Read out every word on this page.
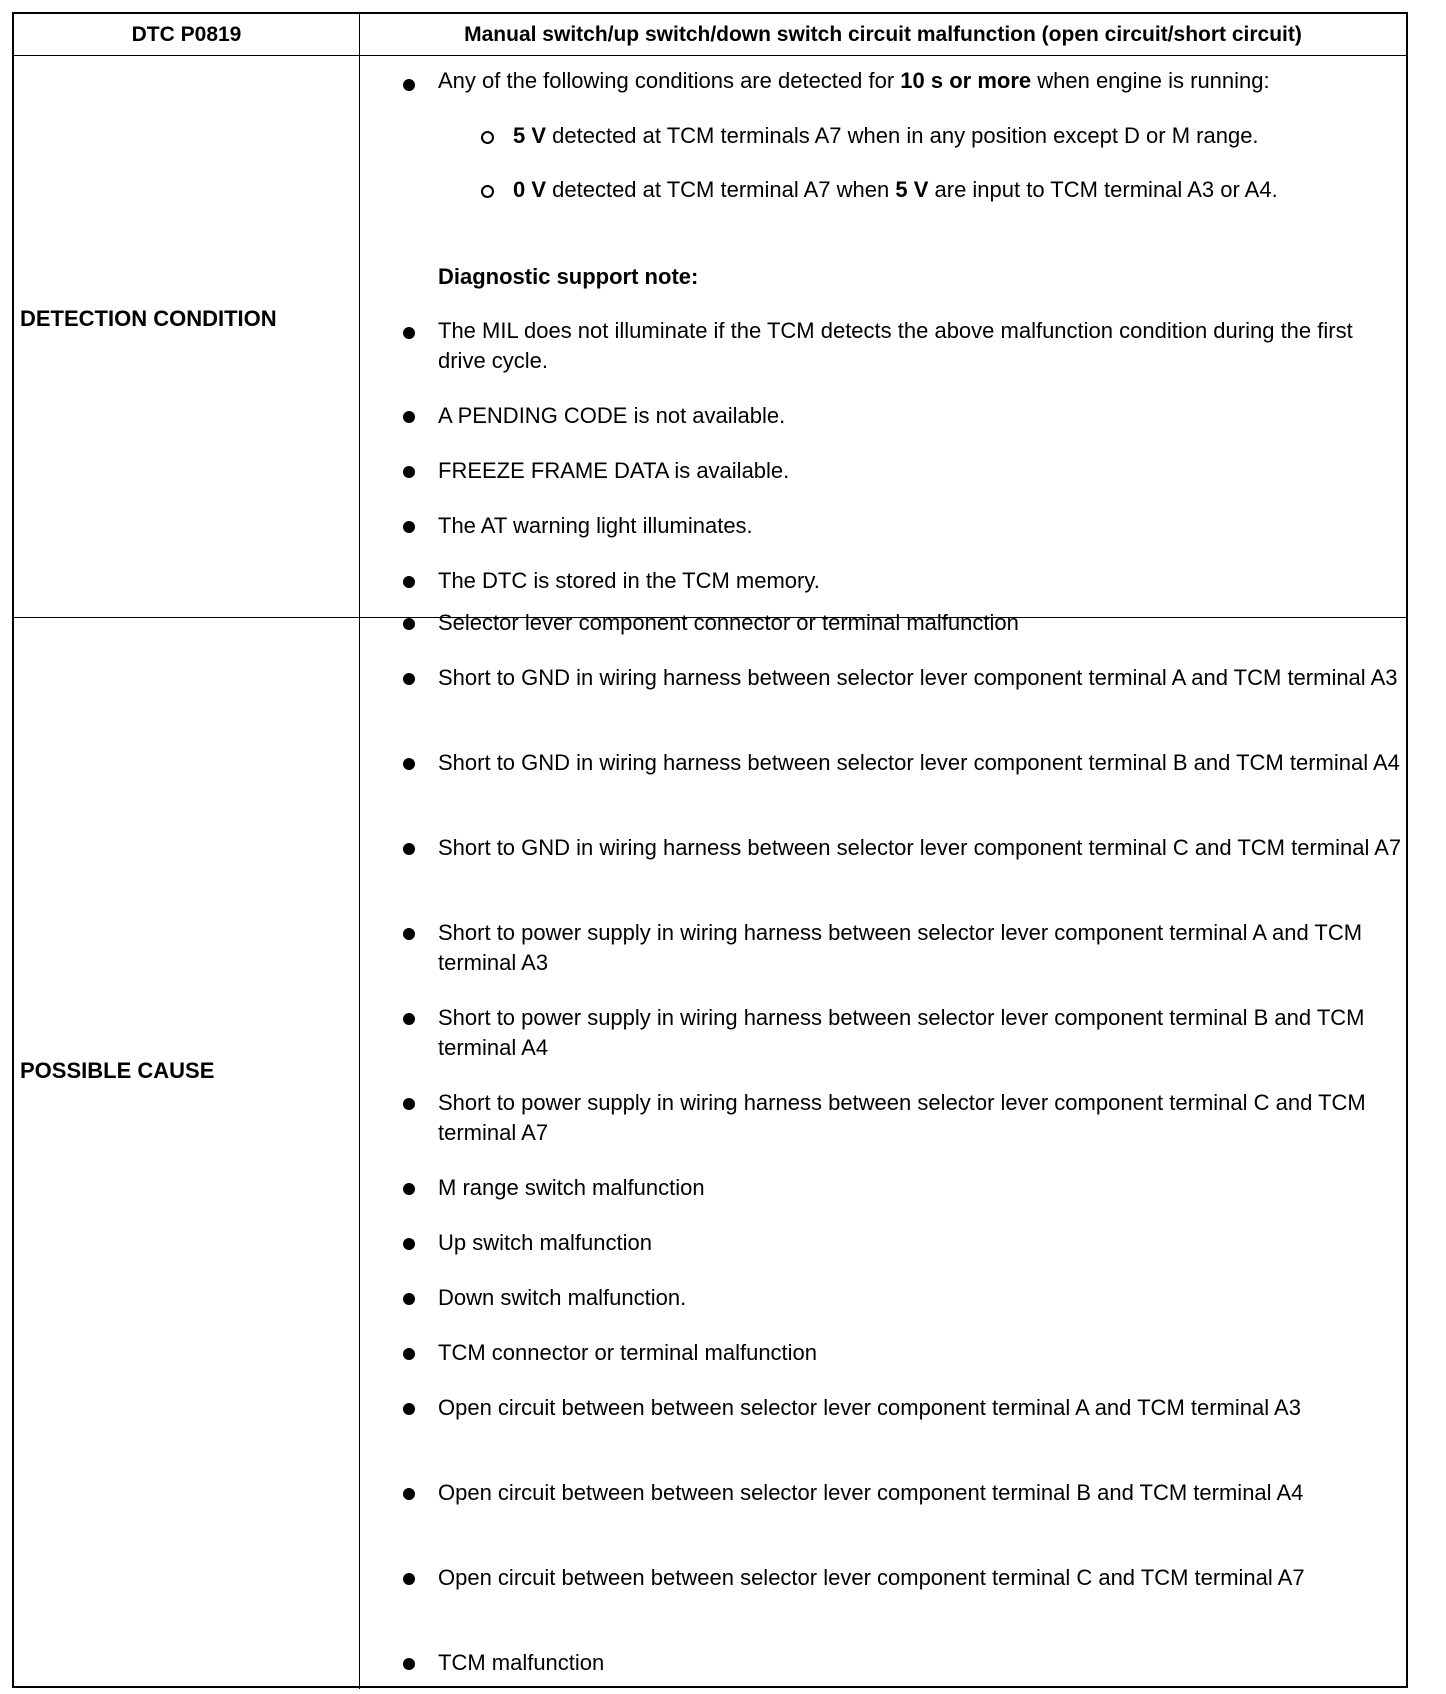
DTC P0819	Manual switch/up switch/down switch circuit malfunction (open circuit/short circuit)
DETECTION CONDITION
POSSIBLE CAUSE
Any of the following conditions are detected for 10 s or more when engine is running:
5 V detected at TCM terminals A7 when in any position except D or M range.
0 V detected at TCM terminal A7 when 5 V are input to TCM terminal A3 or A4.
Diagnostic support note:
The MIL does not illuminate if the TCM detects the above malfunction condition during the first drive cycle.
A PENDING CODE is not available.
FREEZE FRAME DATA is available.
The AT warning light illuminates.
The DTC is stored in the TCM memory.
Selector lever component connector or terminal malfunction
Short to GND in wiring harness between selector lever component terminal A and TCM terminal A3
Short to GND in wiring harness between selector lever component terminal B and TCM terminal A4
Short to GND in wiring harness between selector lever component terminal C and TCM terminal A7
Short to power supply in wiring harness between selector lever component terminal A and TCM terminal A3
Short to power supply in wiring harness between selector lever component terminal B and TCM terminal A4
Short to power supply in wiring harness between selector lever component terminal C and TCM terminal A7
M range switch malfunction
Up switch malfunction
Down switch malfunction.
TCM connector or terminal malfunction
Open circuit between between selector lever component terminal A and TCM terminal A3
Open circuit between between selector lever component terminal B and TCM terminal A4
Open circuit between between selector lever component terminal C and TCM terminal A7
TCM malfunction
